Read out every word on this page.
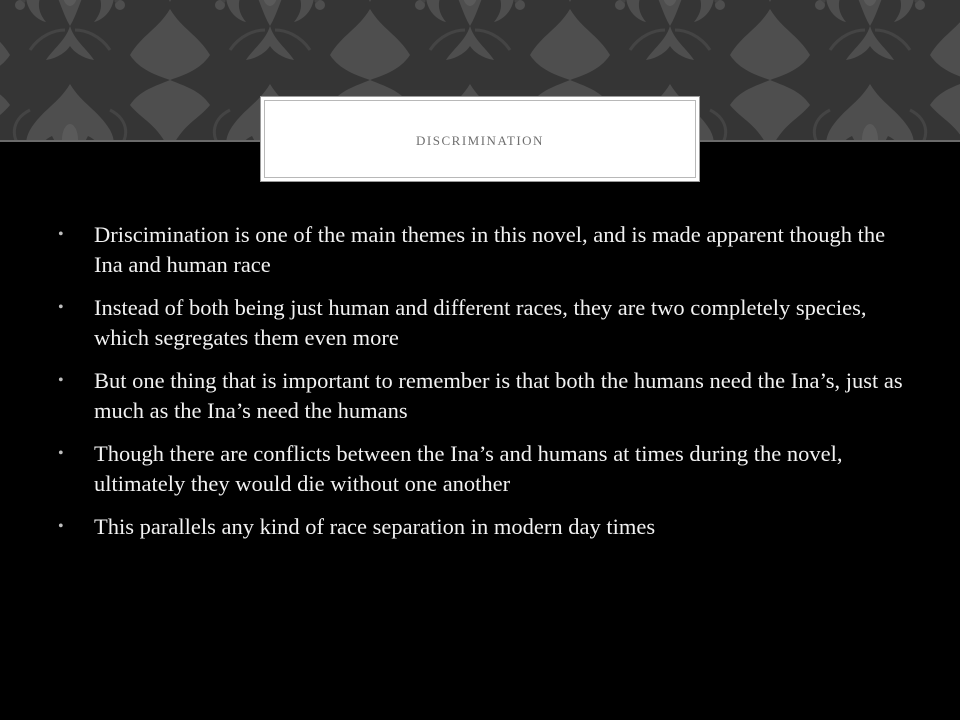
discrimination
•	Driscimination is one of the main themes in this novel, and is made apparent though the Ina and human race
•	Instead of both being just human and different races, they are two completely species, which segregates them even more
•	But one thing that is important to remember is that both the humans need the Ina’s, just as much as the Ina’s need the humans
•	Though there are conflicts between the Ina’s and humans at times during the novel, ultimately they would die without one another
•	This parallels any kind of race separation in modern day times
